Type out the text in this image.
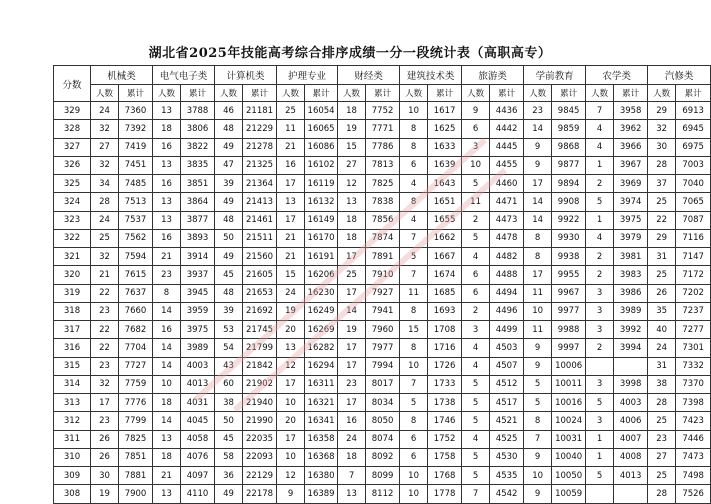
湖北省2025年技能高考综合排序成绩一分一段统计表（高职高专）
分数	机械类		电气电子类		计算机类		护理专业		财经类		建筑技术类		旅游类		学前教育		农学类		汽修类	
	人数	累计	人数	累计	人数	累计	人数	累计	人数	累计	人数	累计	人数	累计	人数	累计	人数	累计	人数	累计
329	24	7360	13	3788	46	21181	25	16054	18	7752	10	1617	9	4436	23	9845	7	3958	29	6913
328	32	7392	18	3806	48	21229	11	16065	19	7771	8	1625	6	4442	14	9859	4	3962	32	6945
327	27	7419	16	3822	49	21278	21	16086	15	7786	8	1633	3	4445	9	9868	4	3966	30	6975
326	32	7451	13	3835	47	21325	16	16102	27	7813	6	1639	10	4455	9	9877	1	3967	28	7003
325	34	7485	16	3851	39	21364	17	16119	12	7825	4	1643	5	4460	17	9894	2	3969	37	7040
324	28	7513	13	3864	49	21413	13	16132	13	7838	8	1651	11	4471	14	9908	5	3974	25	7065
323	24	7537	13	3877	48	21461	17	16149	18	7856	4	1655	2	4473	14	9922	1	3975	22	7087
322	25	7562	16	3893	50	21511	21	16170	18	7874	7	1662	5	4478	8	9930	4	3979	29	7116
321	32	7594	21	3914	49	21560	21	16191	17	7891	5	1667	4	4482	8	9938	2	3981	31	7147
320	21	7615	23	3937	45	21605	15	16206	25	7910	7	1674	6	4488	17	9955	2	3983	25	7172
319	22	7637	8	3945	48	21653	24	16230	17	7927	11	1685	6	4494	11	9967	3	3986	26	7202
318	23	7660	14	3959	39	21692	19	16249	14	7941	8	1693	2	4496	10	9977	3	3989	35	7237
317	22	7682	16	3975	53	21745	20	16269	19	7960	15	1708	3	4499	11	9988	3	3992	40	7277
316	22	7704	14	3989	54	21799	13	16282	17	7977	8	1716	4	4503	9	9997	2	3994	24	7301
315	23	7727	14	4003	43	21842	12	16294	17	7994	10	1726	4	4507	9	10006			31	7332
314	32	7759	10	4013	60	21902	17	16311	23	8017	7	1733	5	4512	5	10011	3	3998	38	7370
313	17	7776	18	4031	38	21940	10	16321	17	8034	5	1738	5	4517	5	10016	5	4003	28	7398
312	23	7799	14	4045	50	21990	20	16341	16	8050	8	1746	5	4521	8	10024	3	4006	25	7423
311	26	7825	13	4058	45	22035	17	16358	24	8074	6	1752	4	4525	7	10031	1	4007	23	7446
310	26	7851	18	4076	58	22093	10	16368	18	8092	6	1758	5	4530	9	10040	1	4008	27	7473
309	30	7881	21	4097	36	22129	12	16380	7	8099	10	1768	5	4535	10	10050	5	4013	25	7498
308	19	7900	13	4110	49	22178	9	16389	13	8112	10	1778	7	4542	9	10059			28	7526
